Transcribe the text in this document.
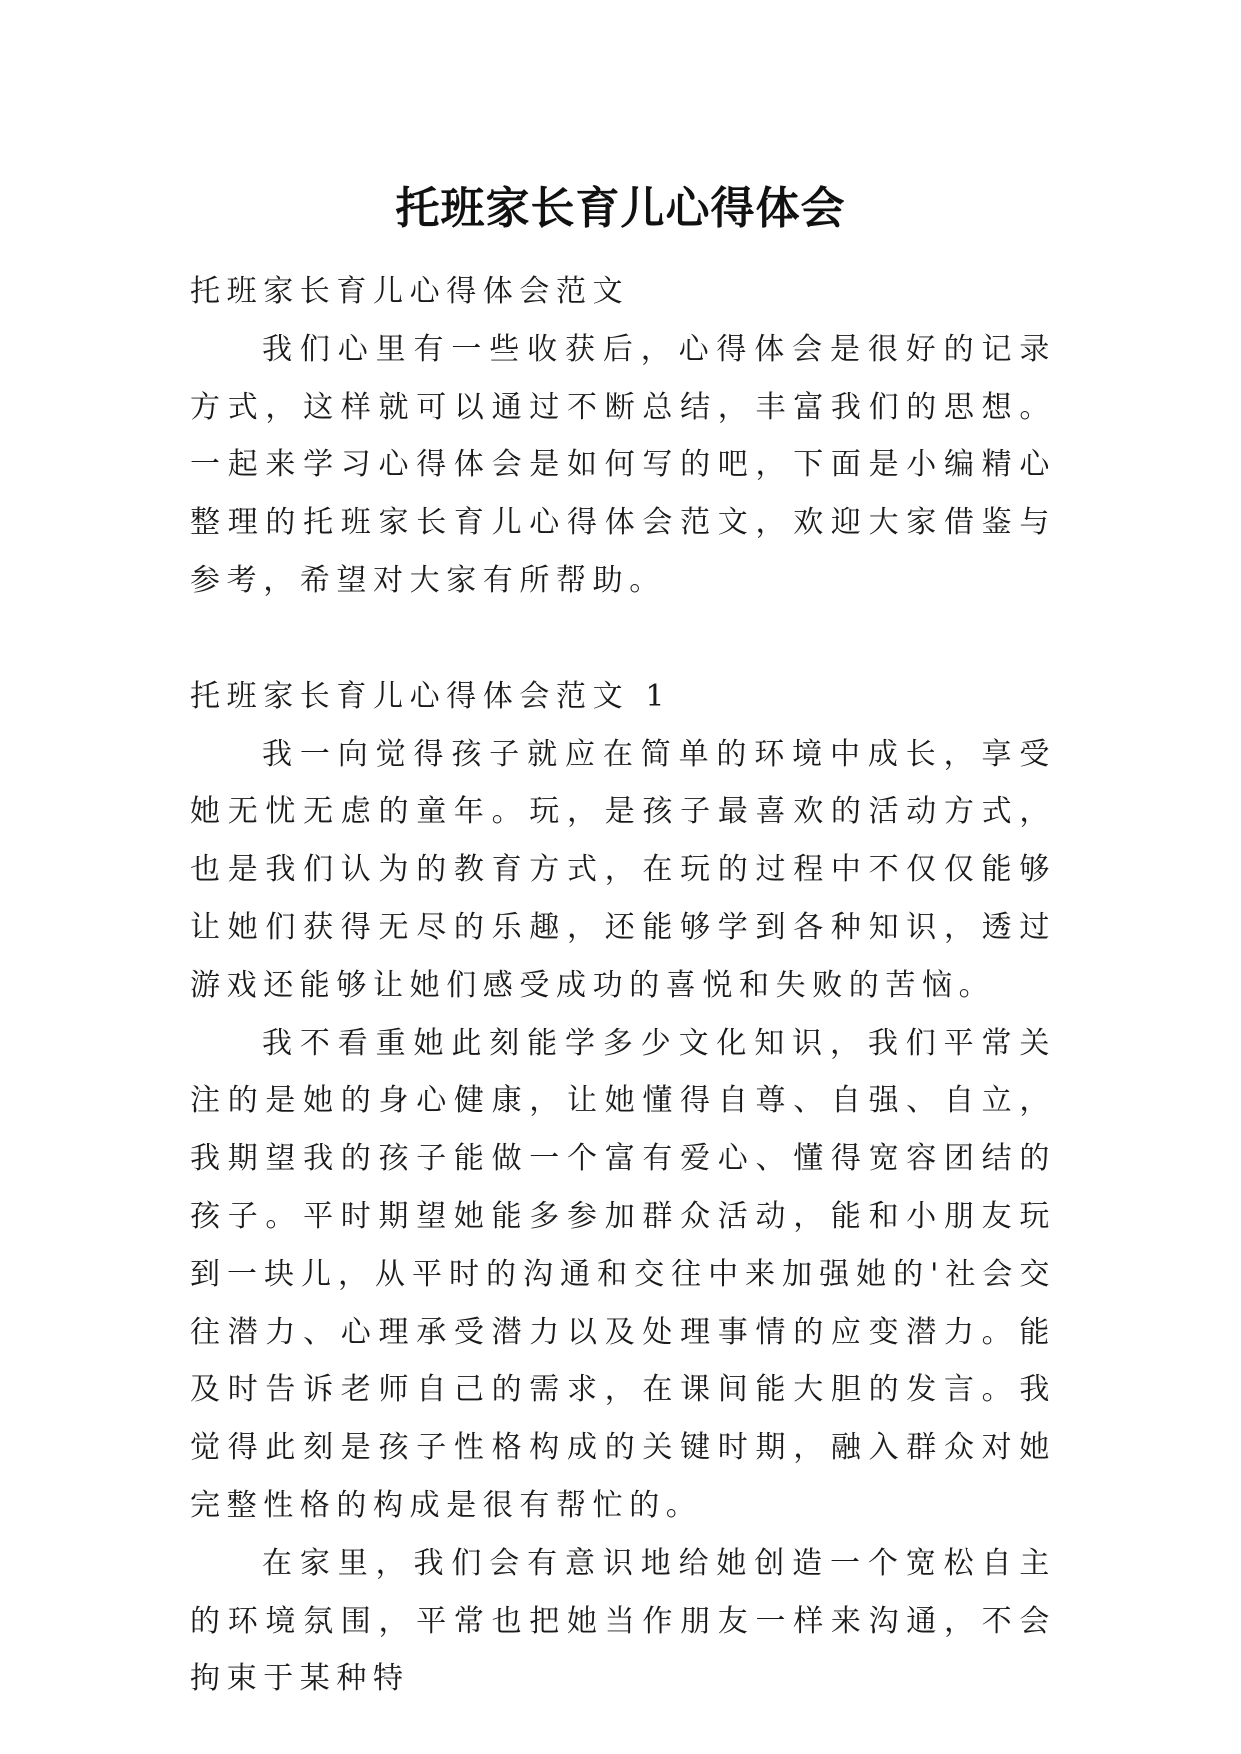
托班家长育儿心得体会

托班家长育儿心得体会范文

我们心里有一些收获后，心得体会是很好的记录方式，这样就可以通过不断总结，丰富我们的思想。一起来学习心得体会是如何写的吧，下面是小编精心整理的托班家长育儿心得体会范文，欢迎大家借鉴与参考，希望对大家有所帮助。

托班家长育儿心得体会范文 1

我一向觉得孩子就应在简单的环境中成长，享受她无忧无虑的童年。玩，是孩子最喜欢的活动方式，也是我们认为的教育方式，在玩的过程中不仅仅能够让她们获得无尽的乐趣，还能够学到各种知识，透过游戏还能够让她们感受成功的喜悦和失败的苦恼。

我不看重她此刻能学多少文化知识，我们平常关注的是她的身心健康，让她懂得自尊、自强、自立，我期望我的孩子能做一个富有爱心、懂得宽容团结的孩子。平时期望她能多参加群众活动，能和小朋友玩到一块儿，从平时的沟通和交往中来加强她的'社会交往潜力、心理承受潜力以及处理事情的应变潜力。能及时告诉老师自己的需求，在课间能大胆的发言。我觉得此刻是孩子性格构成的关键时期，融入群众对她完整性格的构成是很有帮忙的。

在家里，我们会有意识地给她创造一个宽松自主的环境氛围，平常也把她当作朋友一样来沟通，不会拘束于某种特
